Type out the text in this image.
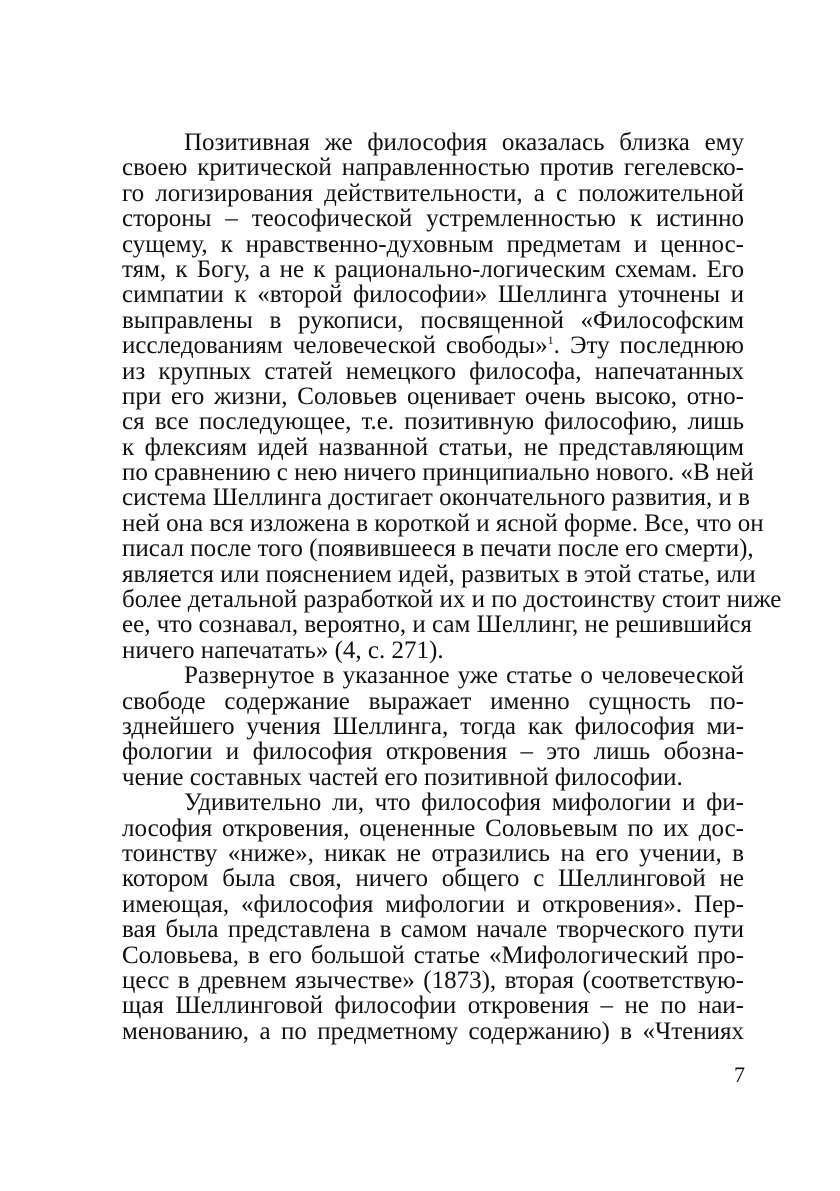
Позитивная же философия оказалась близка ему
своею критической направленностью против гегелевско-
го логизирования действительности, а с положительной
стороны – теософической устремленностью к истинно
сущему, к нравственно-духовным предметам и ценнос-
тям, к Богу, а не к рационально-логическим схемам. Его
симпатии к «второй философии» Шеллинга уточнены и
выправлены в рукописи, посвященной «Философским
исследованиям человеческой свободы»$^1$. Эту последнюю
из крупных статей немецкого философа, напечатанных
при его жизни, Соловьев оценивает очень высоко, отно-
ся все последующее, т.е. позитивную философию, лишь
к флексиям идей названной статьи, не представляющим
по сравнению с нею ничего принципиально нового. «В ней
система Шеллинга достигает окончательного развития, и в
ней она вся изложена в короткой и ясной форме. Все, что он
писал после того (появившееся в печати после его смерти),
является или пояснением идей, развитых в этой статье, или
более детальной разработкой их и по достоинству стоит ниже
ее, что сознавал, вероятно, и сам Шеллинг, не решившийся
ничего напечатать» (4, с. 271).
Развернутое в указанное уже статье о человеческой
свободе содержание выражает именно сущность по-
зднейшего учения Шеллинга, тогда как философия ми-
фологии и философия откровения – это лишь обозна-
чение составных частей его позитивной философии.
Удивительно ли, что философия мифологии и фи-
лософия откровения, оцененные Соловьевым по их дос-
тоинству «ниже», никак не отразились на его учении, в
котором была своя, ничего общего с Шеллинговой не
имеющая, «философия мифологии и откровения». Пер-
вая была представлена в самом начале творческого пути
Соловьева, в его большой статье «Мифологический про-
цесс в древнем язычестве» (1873), вторая (соответствую-
щая Шеллинговой философии откровения – не по наи-
менованию, а по предметному содержанию) в «Чтениях
7
